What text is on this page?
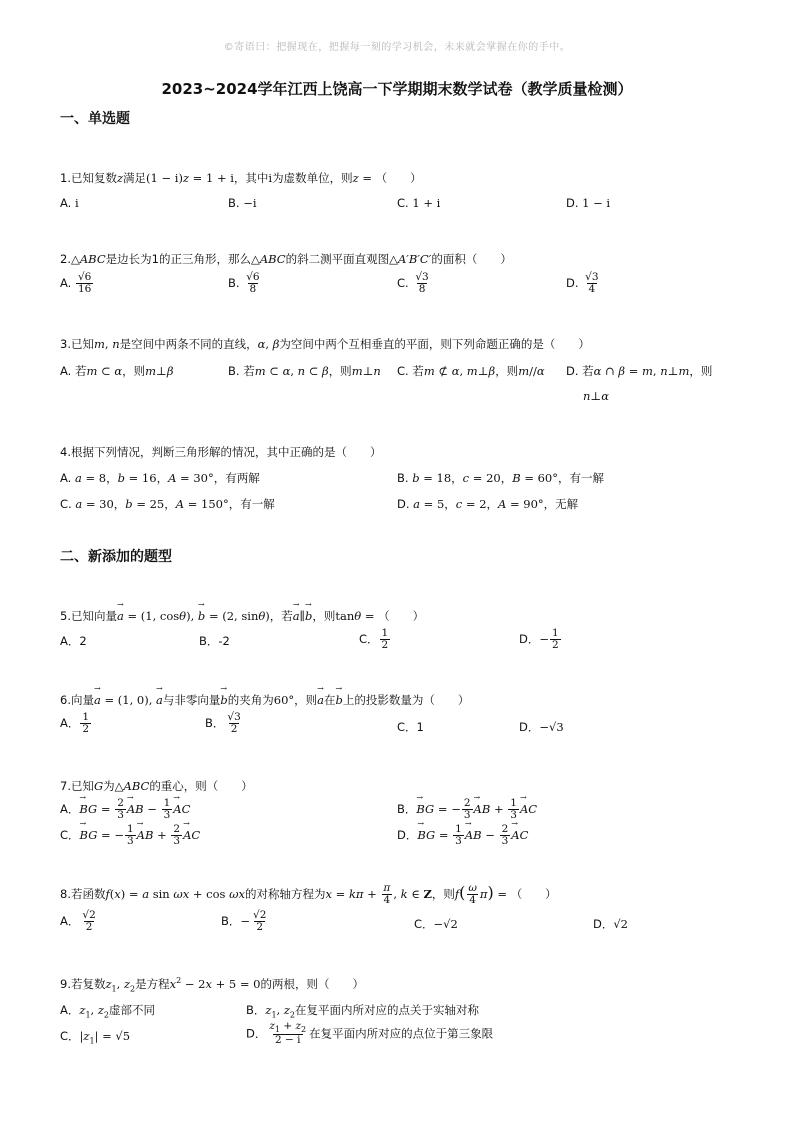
©寄语曰：把握现在，把握每一刻的学习机会，未来就会掌握在你的手中。
2023~2024学年江西上饶高一下学期期末数学试卷（教学质量检测）
一、单选题
1.已知复数z满足(1 − i)z = 1 + i，其中i为虚数单位，则z = （　　）
A. i	B. −i	C. 1 + i	D. 1 − i
2.△ABC是边长为1的正三角形，那么△ABC的斜二测平面直观图△A′B′C′的面积（　　）
A. $\frac{√6}{16}$	B. $\frac{√6}{8}$	C. $\frac{√3}{8}$	D. $\frac{√3}{4}$
3.已知m, n是空间中两条不同的直线，α, β为空间中两个互相垂直的平面，则下列命题正确的是（　　）
A. 若m ⊂ α，则m⊥β	B. 若m ⊂ α, n ⊂ β，则m⊥n C. 若m ⊄ α, m⊥β，则m//α D. 若α ∩ β = m, n⊥m，则
n⊥α
4.根据下列情况，判断三角形解的情况，其中正确的是（　　）
A. a = 8，b = 16，A = 30°，有两解	B. b = 18，c = 20，B = 60°，有一解
C. a = 30，b = 25，A = 150°，有一解	D. a = 5，c = 2，A = 90°，无解
二、新添加的题型
5.已知向量→ a = (1, cosθ), → b = (2, sinθ)，若→ a∥→ b，则tanθ = （　　）
A．2	B．-2	C． $\frac{1}{2}$	D．− $\frac{1}{2}$
6.向量→ a = (1, 0), → a与非零向量→ b的夹角为60°，则→ a在→ b上的投影数量为（　　）
A． $\frac{1}{2}$	B． $\frac{√3}{2}$	C．1	D．−√3
7.已知G为△ABC的重心，则（　　）
A．→ BG = $\frac{2}{3}$ → AB − $\frac{1}{3}$ → AC	B．→ BG = − $\frac{2}{3}$ → AB + $\frac{1}{3}$ → AC
C．→ BG = − $\frac{1}{3}$ → AB + $\frac{2}{3}$ → AC	D．→ BG = $\frac{1}{3}$ → AB − $\frac{2}{3}$ → AC
8.若函数f(x) = a sin ωx + cos ωx的对称轴方程为$x = k\pi + \frac{\pi}{4}$ , k ∈ Z，则$f( \frac{\omega}{4} \pi)$ = （　　）
A． $\frac{√2}{2}$	B．− $\frac{√2}{2}$	C．−√2	D．√2
9.若复数$z_1$, $z_2$是方程$x^2 - 2x + 5 = 0$的两根，则（　　）
A．$z_1$, $z_2$虚部不同	B．$z_1$, $z_2$在复平面内所对应的点关于实轴对称
C．$|z_1| = √5$	D． $\frac{z_1 + z_2}{2 - i}$ 在复平面内所对应的点位于第三象限
